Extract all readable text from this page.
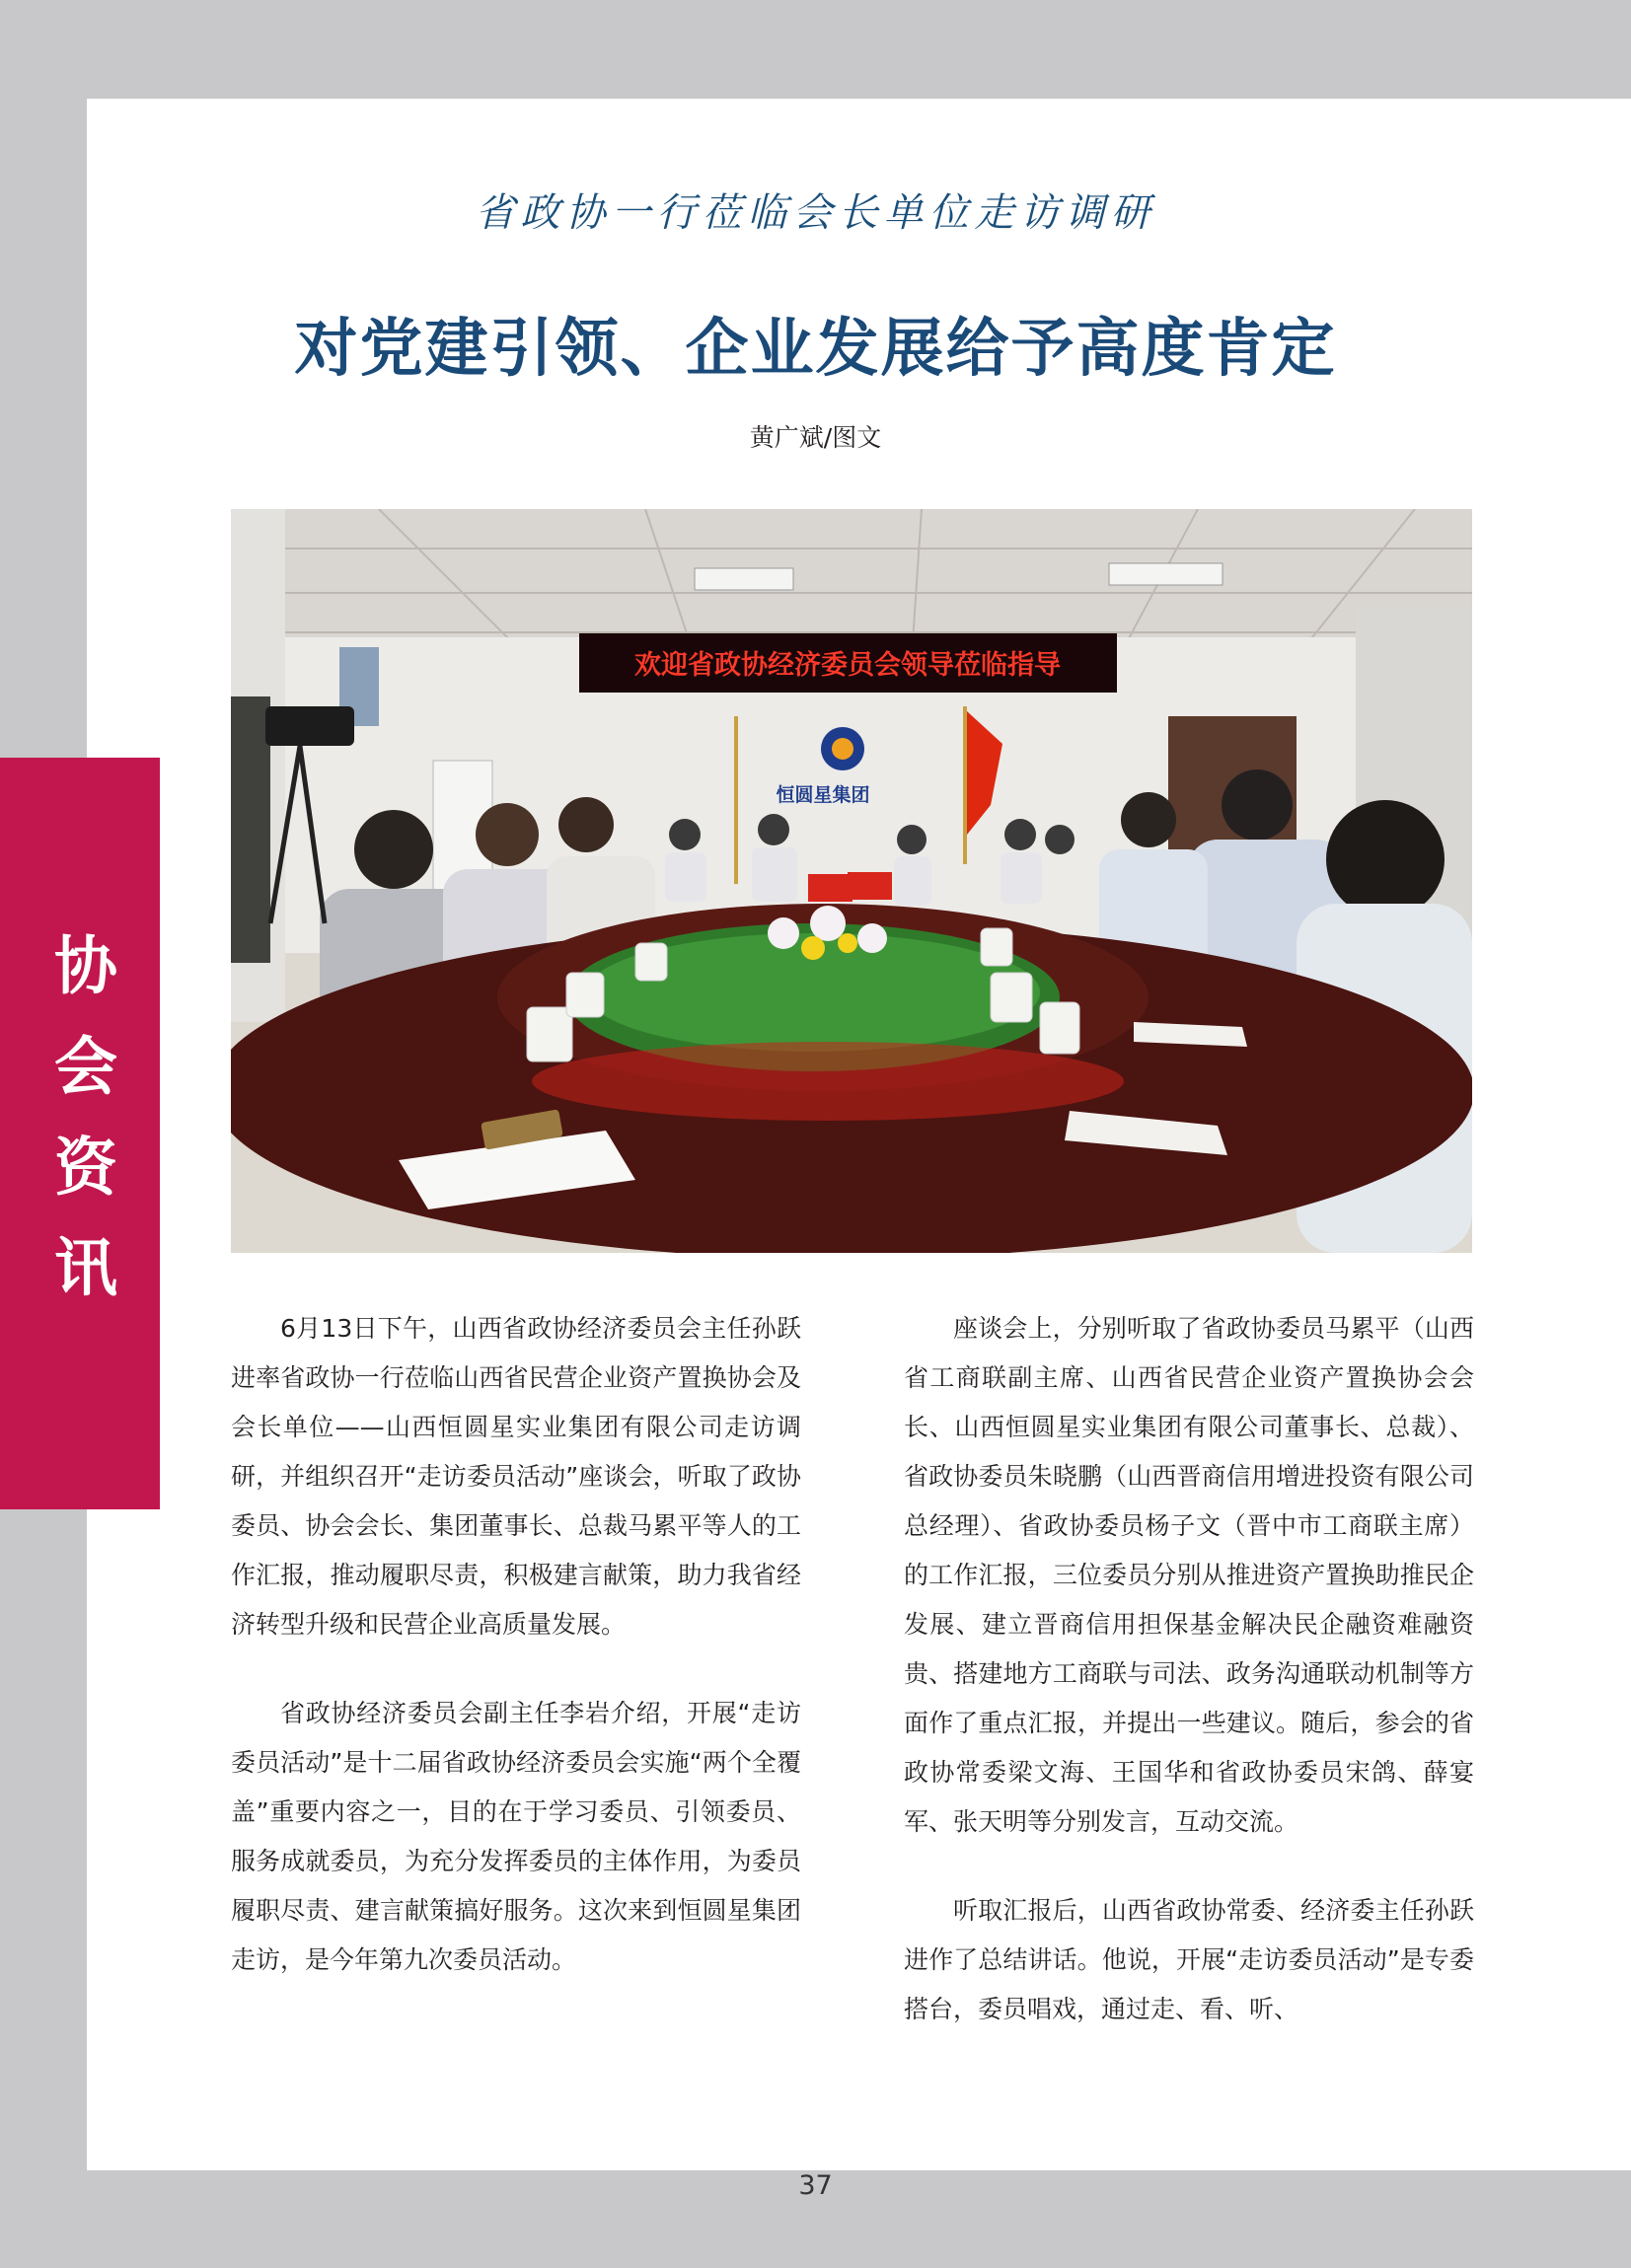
协会资讯
省政协一行莅临会长单位走访调研
对党建引领、企业发展给予高度肯定
黄广斌/图文
欢迎省政协经济委员会领导莅临指导
恒圆星集团

6月13日下午，山西省政协经济委员会主任孙跃进率省政协一行莅临山西省民营企业资产置换协会及会长单位——山西恒圆星实业集团有限公司走访调研，并组织召开“走访委员活动”座谈会，听取了政协委员、协会会长、集团董事长、总裁马累平等人的工作汇报，推动履职尽责，积极建言献策，助力我省经济转型升级和民营企业高质量发展。

省政协经济委员会副主任李岩介绍，开展“走访委员活动”是十二届省政协经济委员会实施“两个全覆盖”重要内容之一，目的在于学习委员、引领委员、服务成就委员，为充分发挥委员的主体作用，为委员履职尽责、建言献策搞好服务。这次来到恒圆星集团走访，是今年第九次委员活动。

座谈会上，分别听取了省政协委员马累平（山西省工商联副主席、山西省民营企业资产置换协会会长、山西恒圆星实业集团有限公司董事长、总裁）、省政协委员朱晓鹏（山西晋商信用增进投资有限公司总经理）、省政协委员杨子文（晋中市工商联主席）的工作汇报，三位委员分别从推进资产置换助推民企发展、建立晋商信用担保基金解决民企融资难融资贵、搭建地方工商联与司法、政务沟通联动机制等方面作了重点汇报，并提出一些建议。随后，参会的省政协常委梁文海、王国华和省政协委员宋鸽、薛宴军、张天明等分别发言，互动交流。

听取汇报后，山西省政协常委、经济委主任孙跃进作了总结讲话。他说，开展“走访委员活动”是专委搭台，委员唱戏，通过走、看、听、

37
